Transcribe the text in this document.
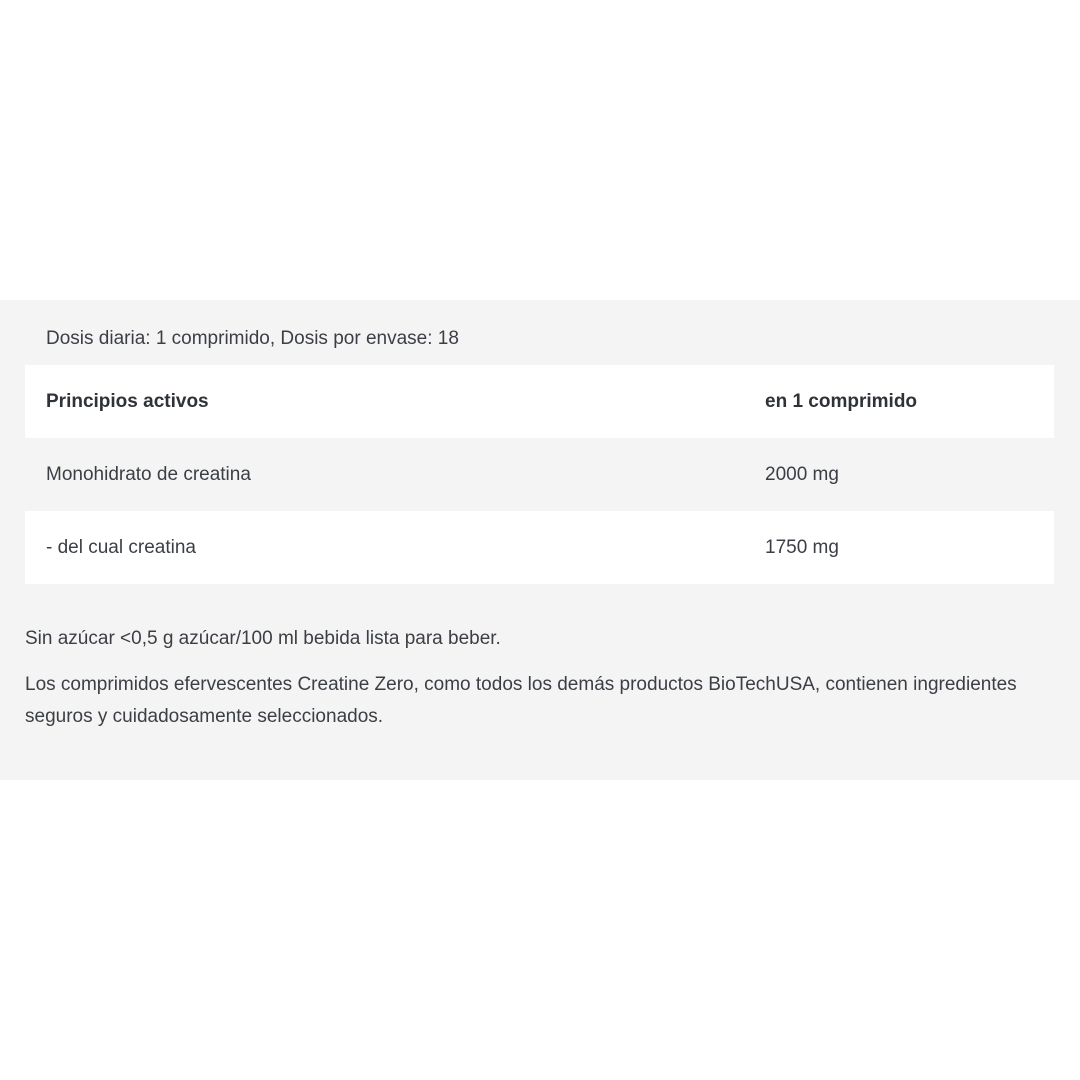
Dosis diaria: 1 comprimido, Dosis por envase: 18
Principios activos	en 1 comprimido
Monohidrato de creatina	2000 mg
- del cual creatina	1750 mg
Sin azúcar <0,5 g azúcar/100 ml bebida lista para beber.
Los comprimidos efervescentes Creatine Zero, como todos los demás productos BioTechUSA, contienen ingredientes seguros y cuidadosamente seleccionados.
